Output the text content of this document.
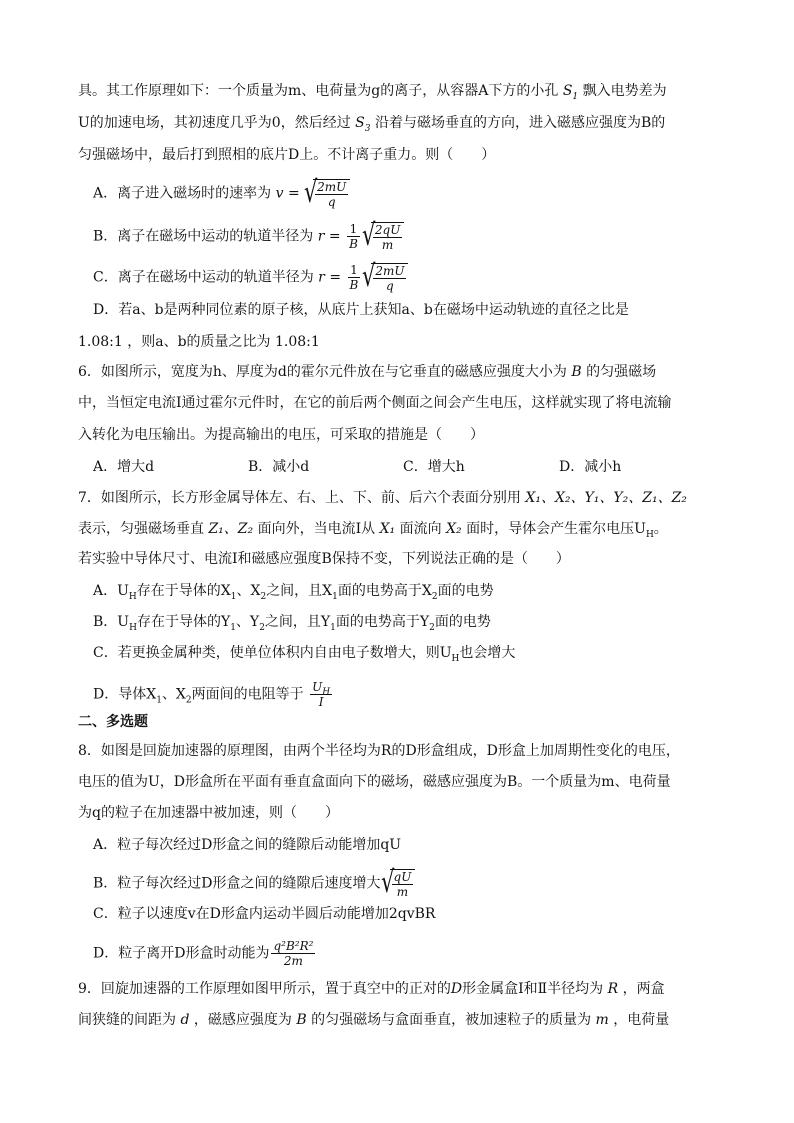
具。其工作原理如下：一个质量为m、电荷量为g的离子，从容器A下方的小孔 $S_1$ 飘入电势差为
U的加速电场，其初速度几乎为0，然后经过 $S_3$ 沿着与磁场垂直的方向，进入磁感应强度为B的
匀强磁场中，最后打到照相的底片D上。不计离子重力。则（　　）
A．离子进入磁场时的速率为 v = √
$\frac{2mU}{q}$
B．离子在磁场中运动的轨道半径为 $r = \frac{1}{B}$ √
$\frac{2qU}{m}$
C．离子在磁场中运动的轨道半径为 $r = \frac{1}{B}$ √
$\frac{2mU}{q}$
D．若a、b是两种同位素的原子核，从底片上获知a、b在磁场中运动轨迹的直径之比是
1.08:1 ，则a、b的质量之比为 1.08:1
6．如图所示，宽度为h、厚度为d的霍尔元件放在与它垂直的磁感应强度大小为 B 的匀强磁场
中，当恒定电流I通过霍尔元件时，在它的前后两个侧面之间会产生电压，这样就实现了将电流输
入转化为电压输出。为提高输出的电压，可采取的措施是（　　）
A．增大d	B．减小d	C．增大h	D．减小h
7．如图所示，长方形金属导体左、右、上、下、前、后六个表面分别用 X₁、X₂、Y₁、Y₂、Z₁、Z₂
表示，匀强磁场垂直 Z₁、Z₂ 面向外，当电流I从 X₁ 面流向 X₂ 面时，导体会产生霍尔电压$U_H$。
若实验中导体尺寸、电流I和磁感应强度B保持不变，下列说法正确的是（　　）
A．$U_H$存在于导体的$X_1$、$X_2$之间，且$X_1$面的电势高于$X_2$面的电势
B．$U_H$存在于导体的$Y_1$、$Y_2$之间，且$Y_1$面的电势高于$Y_2$面的电势
C．若更换金属种类，使单位体积内自由电子数增大，则$U_H$也会增大
D．导体$X_1$、$X_2$两面间的电阻等于 $\frac{U_H}{I}$
二、多选题
8．如图是回旋加速器的原理图，由两个半径均为R的D形盒组成，D形盒上加周期性变化的电压，
电压的值为U，D形盒所在平面有垂直盒面向下的磁场，磁感应强度为B。一个质量为m、电荷量
为q的粒子在加速器中被加速，则（　　）
A．粒子每次经过D形盒之间的缝隙后动能增加qU
B．粒子每次经过D形盒之间的缝隙后速度增大 √
$\frac{qU}{m}$
C．粒子以速度v在D形盒内运动半圆后动能增加2qvBR
D．粒子离开D形盒时动能为 $\frac{\text{q²B²R²}}{2m}$
9．回旋加速器的工作原理如图甲所示，置于真空中的正对的D形金属盒Ⅰ和Ⅱ半径均为 R ，两盒
间狭缝的间距为 d ，磁感应强度为 B 的匀强磁场与盒面垂直，被加速粒子的质量为 m ，电荷量
